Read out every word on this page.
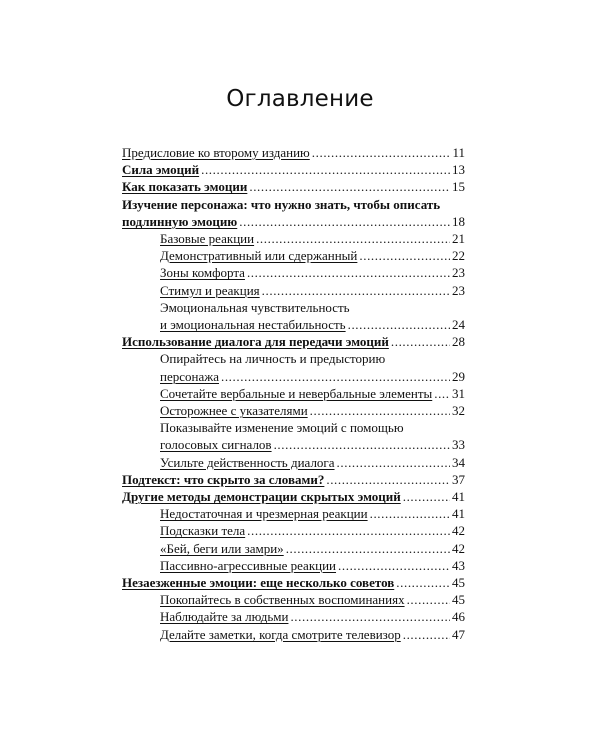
Оглавление
Предисловие ко второму изданию .....	11
Сила эмоций .....	13
Как показать эмоции .....	15
Изучение персонажа: что нужно знать, чтобы описать
подлинную эмоцию .....	18
Базовые реакции .....	21
Демонстративный или сдержанный .....	22
Зоны комфорта .....	23
Стимул и реакция .....	23
Эмоциональная чувствительность
и эмоциональная нестабильность .....	24
Использование диалога для передачи эмоций .....	28
Опирайтесь на личность и предысторию
персонажа .....	29
Сочетайте вербальные и невербальные элементы ..... 31
Осторожнее с указателями .....	32
Показывайте изменение эмоций с помощью
голосовых сигналов .....	33
Усильте действенность диалога .....	34
Подтекст: что скрыто за словами? .....	37
Другие методы демонстрации скрытых эмоций .....	41
Недостаточная и чрезмерная реакции .....	41
Подсказки тела .....	42
«Бей, беги или замри» .....	42
Пассивно-агрессивные реакции .....	43
Незаезженные эмоции: еще несколько советов .....	45
Покопайтесь в собственных воспоминаниях .....	45
Наблюдайте за людьми .....	46
Делайте заметки, когда смотрите телевизор .....	47
